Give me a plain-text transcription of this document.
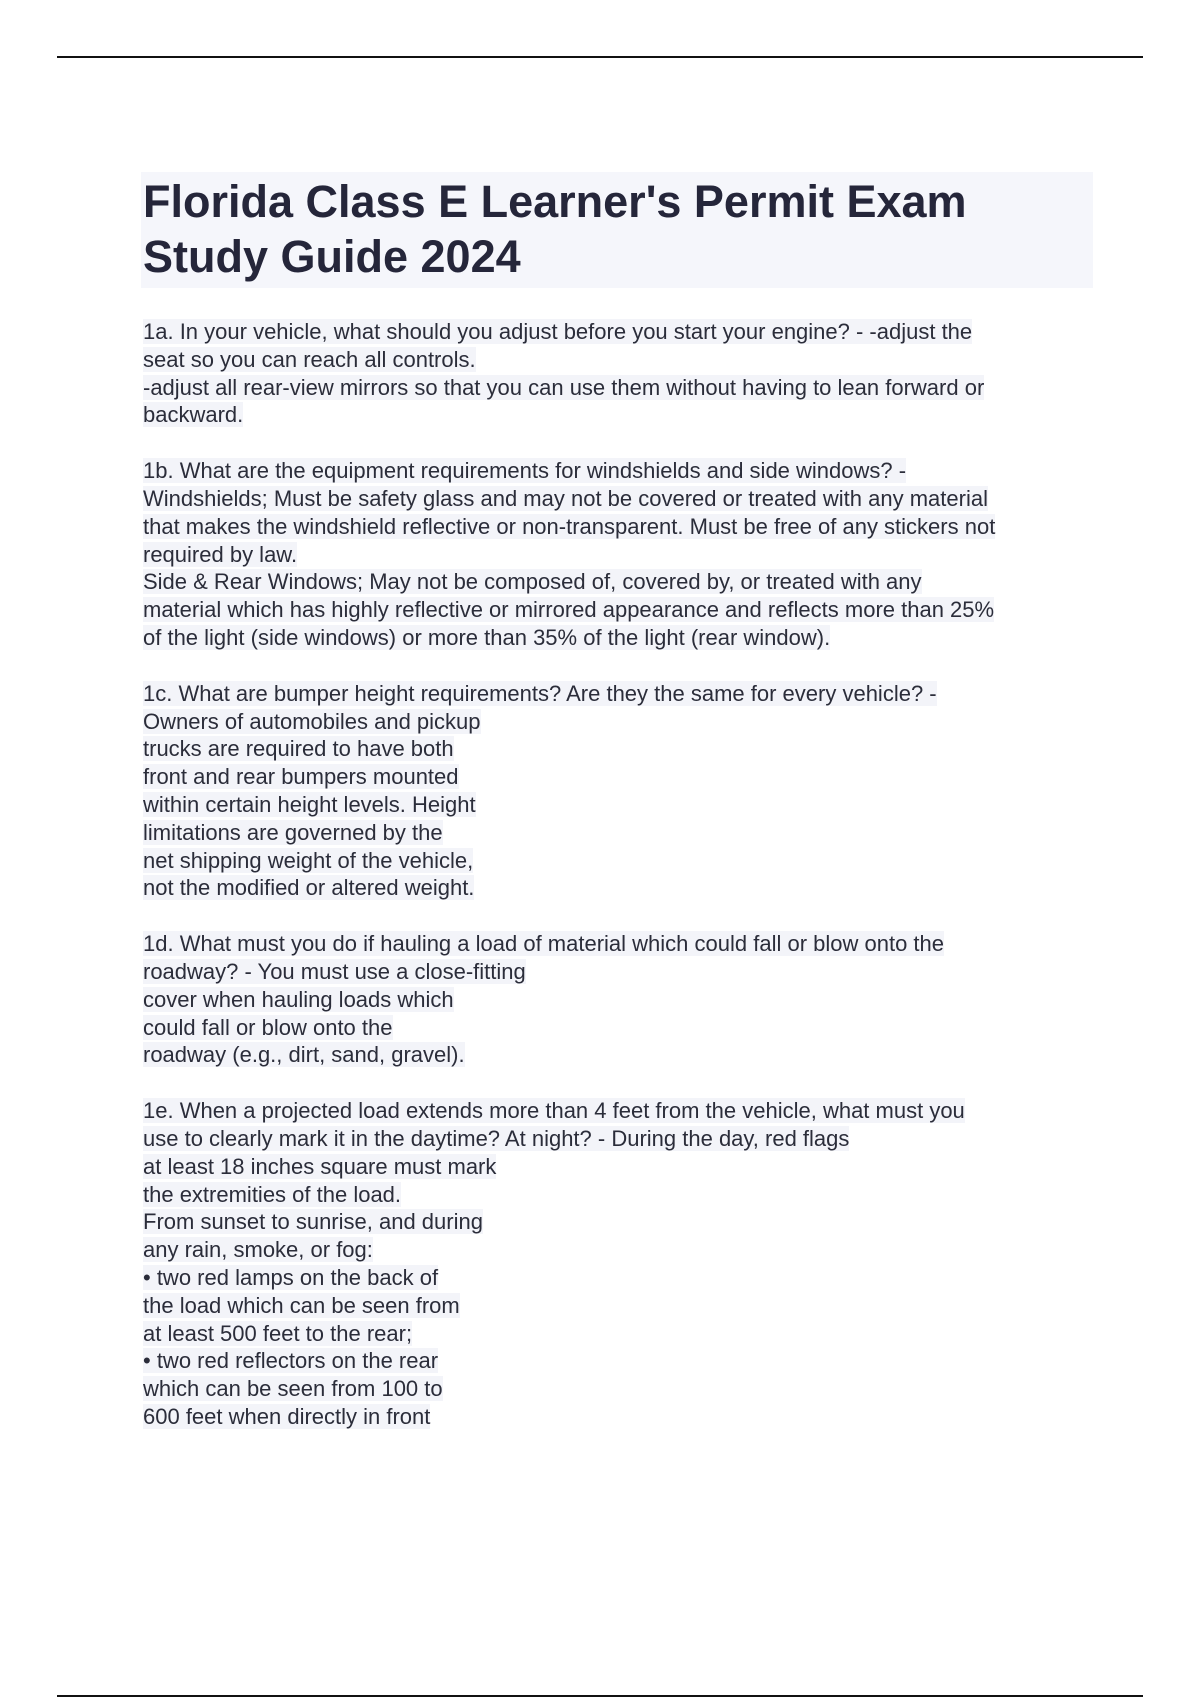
Florida Class E Learner's Permit Exam
Study Guide 2024
1a. In your vehicle, what should you adjust before you start your engine? - -adjust the
seat so you can reach all controls.
-adjust all rear-view mirrors so that you can use them without having to lean forward or
backward.
1b. What are the equipment requirements for windshields and side windows? -
Windshields; Must be safety glass and may not be covered or treated with any material
that makes the windshield reflective or non-transparent. Must be free of any stickers not
required by law.
Side & Rear Windows; May not be composed of, covered by, or treated with any
material which has highly reflective or mirrored appearance and reflects more than 25%
of the light (side windows) or more than 35% of the light (rear window).
1c. What are bumper height requirements? Are they the same for every vehicle? -
Owners of automobiles and pickup
trucks are required to have both
front and rear bumpers mounted
within certain height levels. Height
limitations are governed by the
net shipping weight of the vehicle,
not the modified or altered weight.
1d. What must you do if hauling a load of material which could fall or blow onto the
roadway? - You must use a close-fitting
cover when hauling loads which
could fall or blow onto the
roadway (e.g., dirt, sand, gravel).
1e. When a projected load extends more than 4 feet from the vehicle, what must you
use to clearly mark it in the daytime? At night? - During the day, red flags
at least 18 inches square must mark
the extremities of the load.
From sunset to sunrise, and during
any rain, smoke, or fog:
• two red lamps on the back of
the load which can be seen from
at least 500 feet to the rear;
• two red reflectors on the rear
which can be seen from 100 to
600 feet when directly in front
